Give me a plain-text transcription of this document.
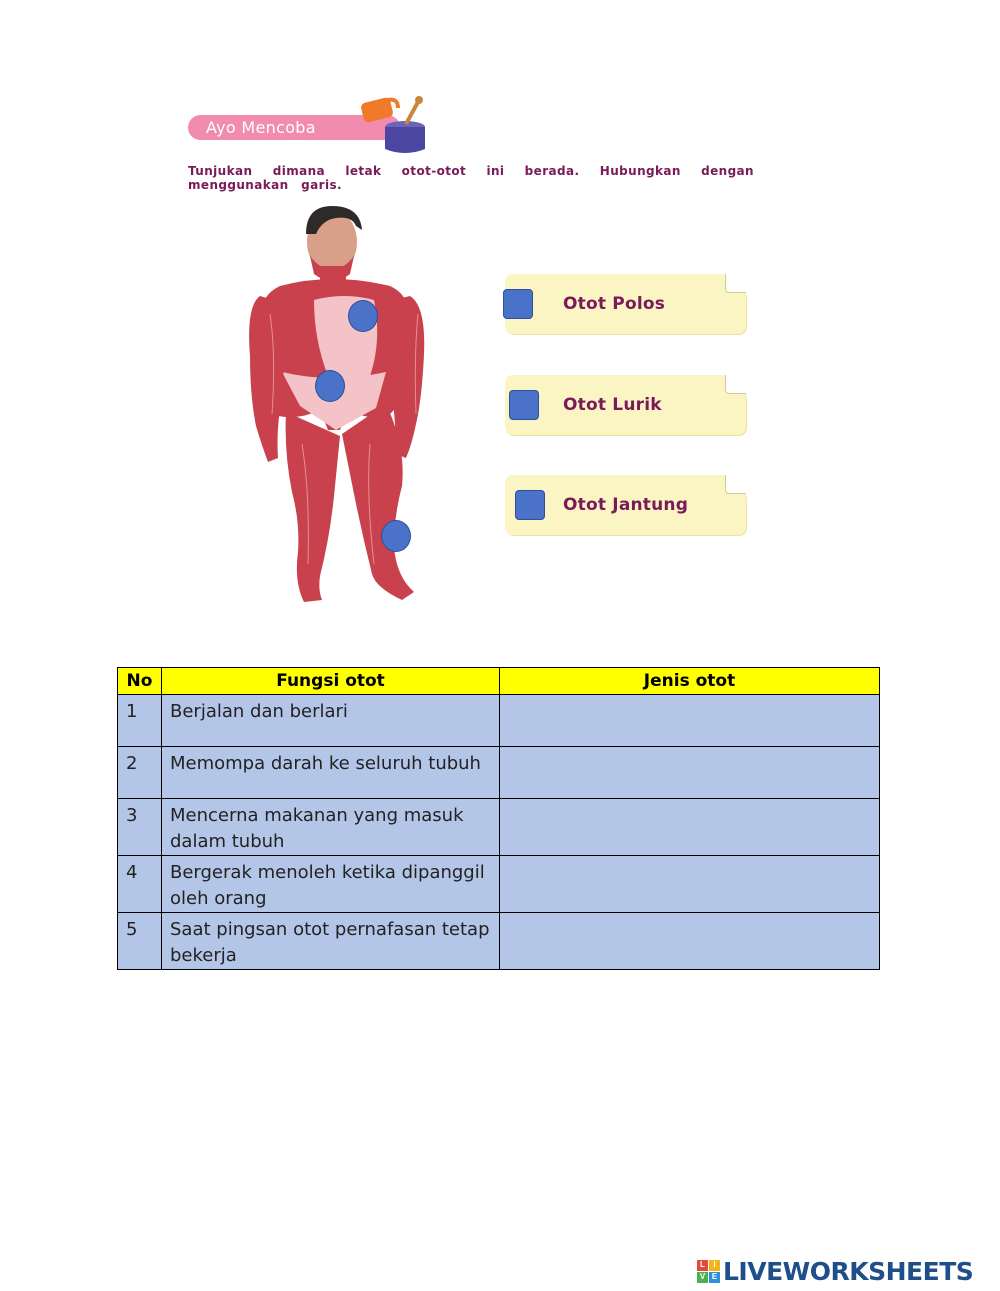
Ayo Mencoba
Tunjukan dimana letak otot-otot ini berada. Hubungkan dengan menggunakan garis.
Otot Polos
Otot Lurik
Otot Jantung
No	Fungsi otot	Jenis otot
1	Berjalan dan berlari	
2	Memompa darah ke seluruh tubuh	
3	Mencerna makanan yang masuk dalam tubuh	
4	Bergerak menoleh ketika dipanggil oleh orang	
5	Saat pingsan otot pernafasan tetap bekerja	
L	I
V E LIVEWORKSHEETS
